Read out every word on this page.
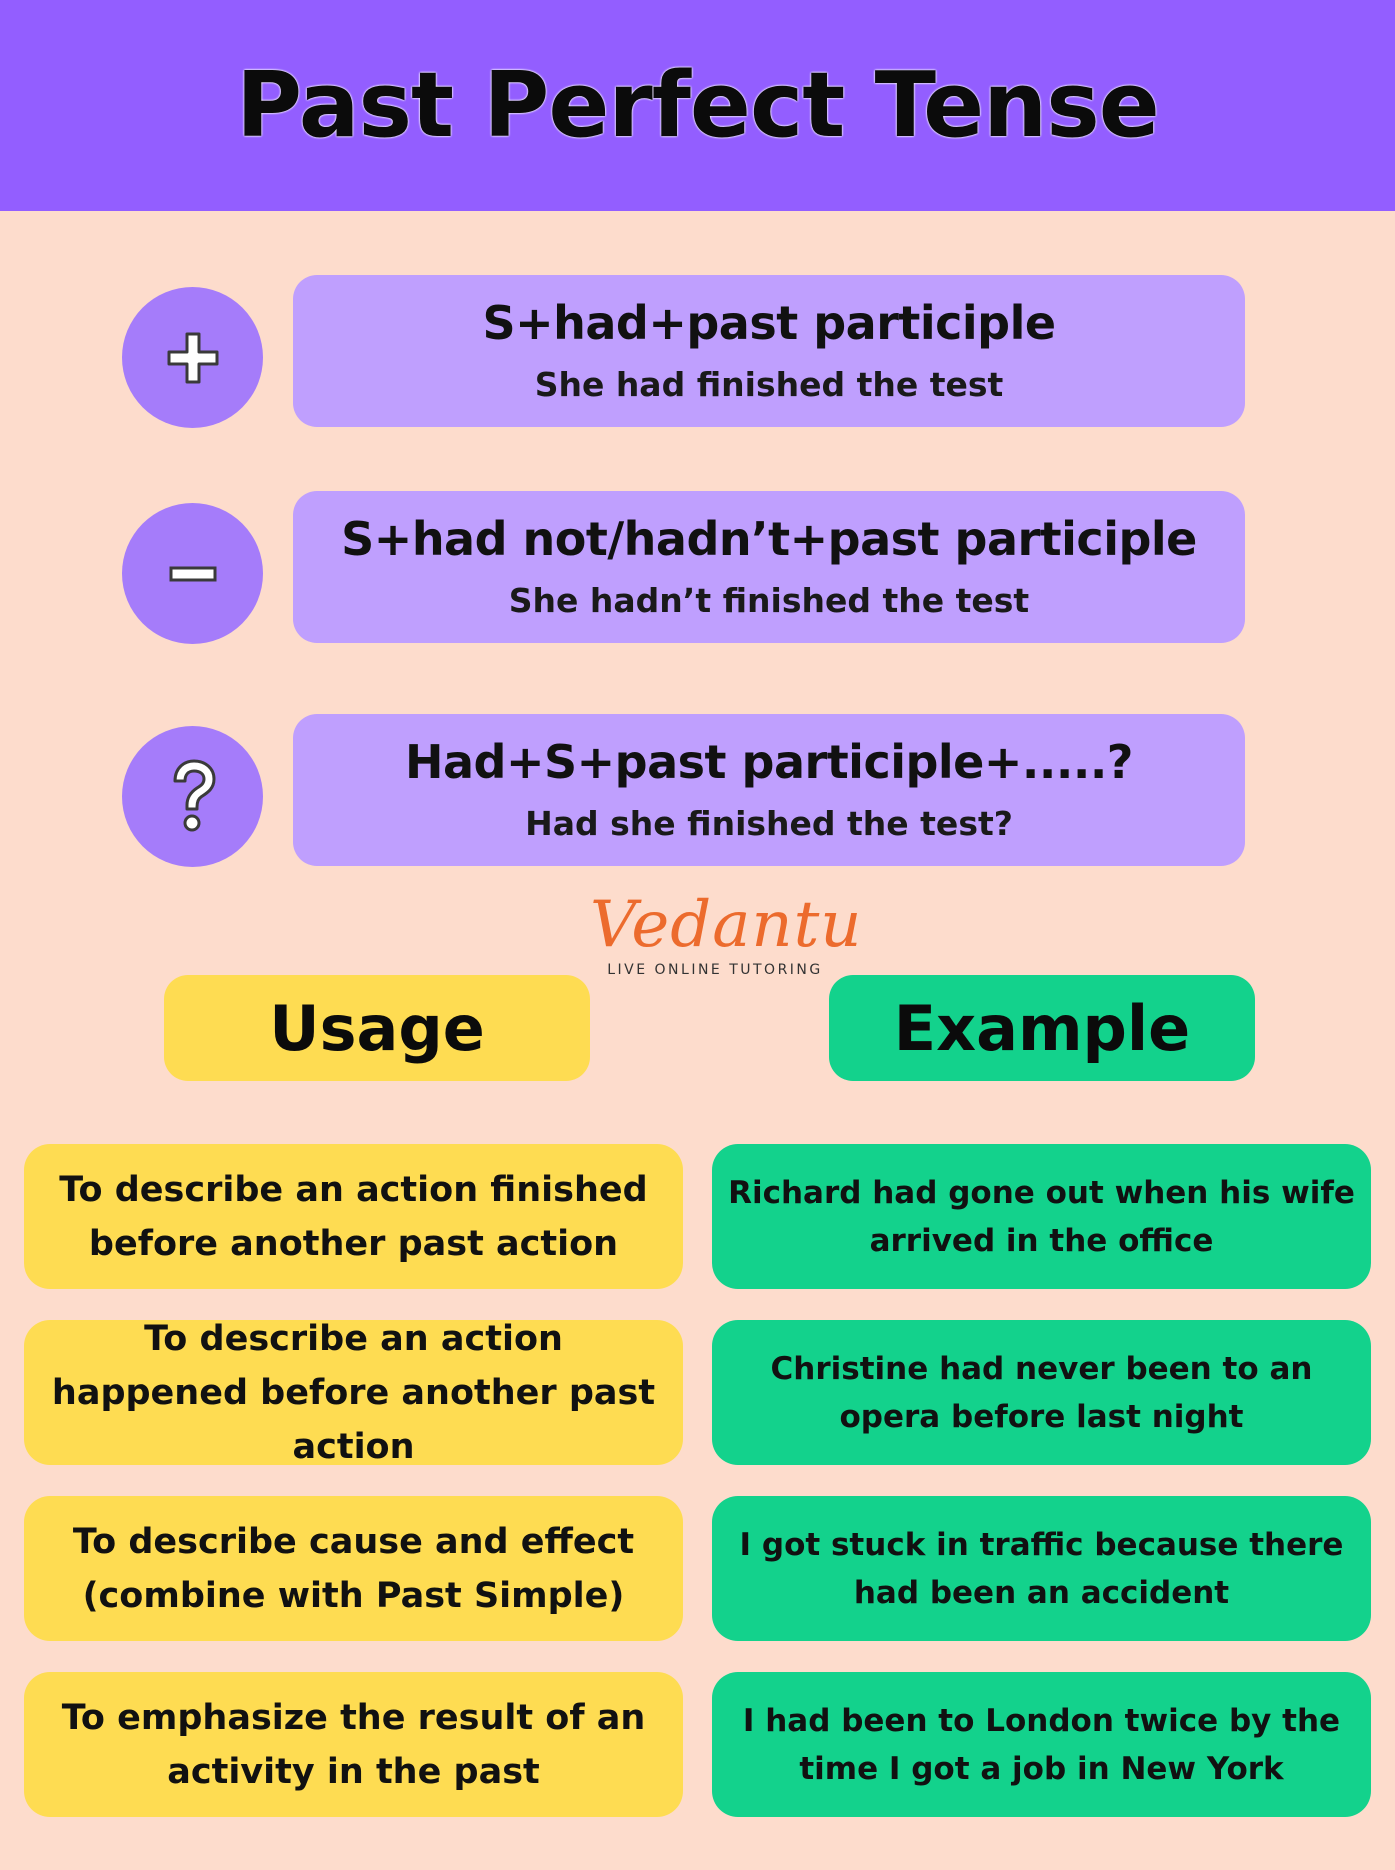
Past Perfect Tense
S+had+past participle
She had finished the test
S+had not/hadn’t+past participle
She hadn’t finished the test
Had+S+past participle+.....?
Had she finished the test?
Vedantu
LIVE ONLINE TUTORING
Usage	Example
To describe an action finished before another past action
Richard had gone out when his wife arrived in the office
To describe an action happened before another past action
Christine had never been to an opera before last night
To describe cause and effect (combine with Past Simple)
I got stuck in traffic because there had been an accident
To emphasize the result of an activity in the past
I had been to London twice by the time I got a job in New York
